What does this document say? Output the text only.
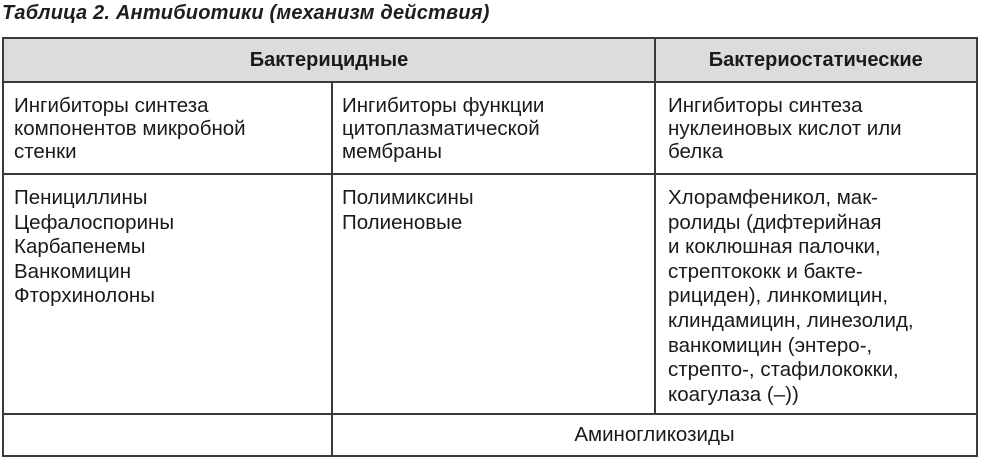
Таблица 2. Антибиотики (механизм действия)
Бактерицидные	Бактериостатические
Ингибиторы синтеза
компонентов микробной
стенки
Ингибиторы функции
цитоплазматической
мембраны
Ингибиторы синтеза
нуклеиновых кислот или
белка
Пенициллины
Цефалоспорины
Карбапенемы
Ванкомицин
Фторхинолоны
Полимиксины
Полиеновые
Хлорамфеникол, мак-
ролиды (дифтерийная
и коклюшная палочки,
стрептококк и бакте-
рициден), линкомицин,
клиндамицин, линезолид,
ванкомицин (энтеро-,
стрепто-, стафилококки,
коагулаза (–))
Аминогликозиды
